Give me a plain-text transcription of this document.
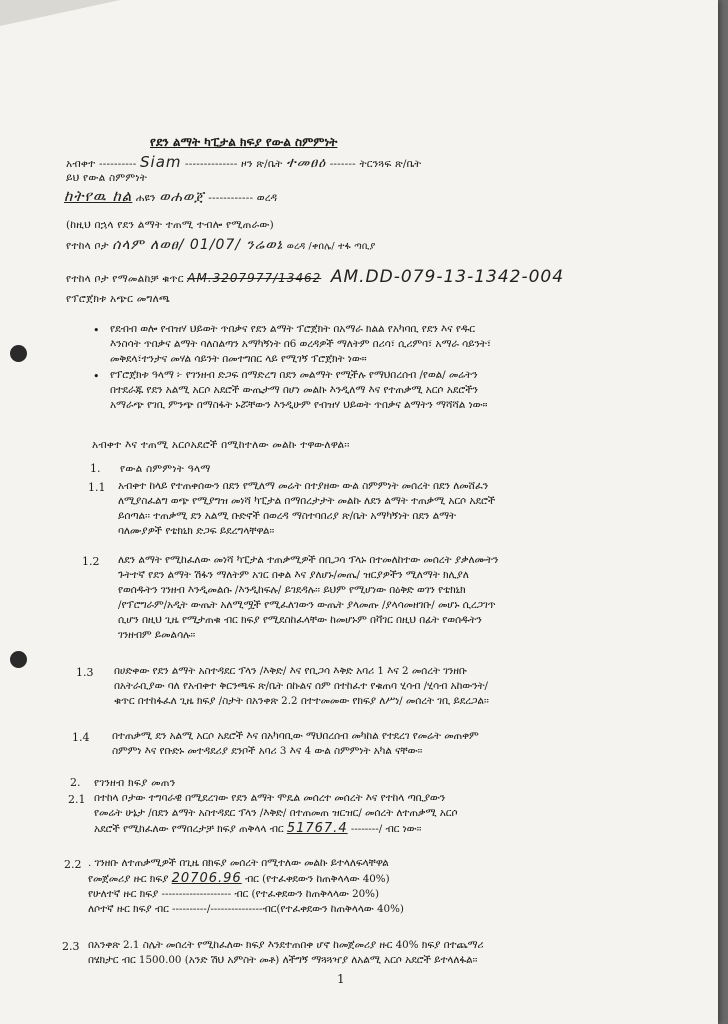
የደን ልማት ካፒታል ክፍያ የውል ስምምነት
አብቀተ ---------- Siam -------------- ዞን ጽ/ቤት ተመፀዕ ------- ትርንጓፍ ጽ/ቤት
ይህ የውል ስምምነት
ከትየዉ ከል ሐዩን ወሐወጀ ------------ ወረዳ
(ከዚህ በኋላ የደን ልማት ተጠሚ ተብሎ የሚጠራው)
የተከላ ቦታ ሰላም ለወፀ/ 01/07/ ንሬወኔ ወረዳ /ቀበሌ/ ተፋ ጣቢያ
የተከላ ቦታ የማመልከቻ ቁጥር AM.3207977/13462 AM.DD-079-13-1342-004
የፕሮጀክቱ አጭር መግለጫ
• የደብብ ወሎ የብዝሃ ህይወት ጥበቃና የደን ልማት ፕሮጀክት በአማራ ክልል የአካባቢ የደን እና የዱር
እንስሳት ጥበቃና ልማት ባለስልጣን አማካኝነት በ6 ወረዳዎች ማለትም በሪሳ፣ ሲሪምባ፣ አማራ ሳይንት፣
መቅደላ፣ተንታና መሃል ሳይንት በመተግበር ላይ የሚገኝ ፕሮጀክት ነው።
• የፕሮጀክቱ ዓላማ ፦ የገንዘብ ድጋፍ በማድረግ በደን መልማት የሚችሉ የማህበረሰብ /የወል/ መሬትን
በተደራጁ የደን አልሚ አርሶ አደሮች ውጤታማ በሆነ መልኩ እንዲለማ እና የተጠቃሚ አርሶ አደሮችን
አማራጭ የገቢ ምንጭ በማስፋት ኑሯቸውን እንዲሁም የብዝሃ ህይወት ጥበቃና ልማትን ማሻሻል ነው።
አብቀተ እና ተጠሚ አርሶአደሮች በሚከተለው መልኩ ተዋውለዋል፡፡
1. የውል ስምምነት ዓላማ
1.1 አብቀተ ከላይ የተጠቀሰውን በደን የሚለማ መሬት በተያዘው ውል ስምምነት መሰረት በደን ለመሸፈን
ለሚያስፈልግ ወጭ የሚያግዝ መነሻ ካፒታል በማበረታታት መልኩ ለደን ልማት ተጠቃሚ አርሶ አደሮች
ይሰጣል፡፡ ተጠቃሚ ደን አልሚ ቡድኖች በወረዳ ማስተባበሪያ ጽ/ቤት አማካኝነት በደን ልማት
ባለሙያዎች የቴክኒክ ድጋፍ ይደረግላቸዋል፡፡
1.2 ለደን ልማት የሚከፈለው መነሻ ካፒታል ተጠቃሚዎች በቢጋሳ ፕላኑ በተመለከተው መሰረት ያቃለሙትን
ጉትተኛ የደን ልማት ሽፋን ማለትም አገር በቀል እና ያለሆኑ/መጤ/ ዝርያዎችን ሚለማት ክሊያለ
የወሰዱትን ገንዘብ እንዲመልሱ /እንዲከፍሉ/ ይገደዳሉ፡፡ ይህም የሚሆነው በዕቅድ ወገን የቴክኒክ
/የፕሮግራም/አዲት ውጤት አለሚሟች የሚፈለገውን ውጤት ያላመጡ /ያላሳመዘገቡ/ መሆኑ ሲረጋገጥ
ሲሆን በዚህ ጊዜ የሚታጠቁ ብር ክፍያ የሚደስከፈላቸው ከመሆኑም በቫገር በዚህ በፊት የወሰዱትን
ገንዘብም ይመልሳሉ፡፡
1.3 በሀድቀው የደን ልማት አስተዳደር ፕላን /እቅድ/ እና የቢጋሳ እቅድ አባሪ 1 እና 2 መሰረት ገንዘቡ
በአትራቢያው ባለ የአብቀተ ቅርንጫፍ ጽ/ቤት በኩልና ሰም በተከፈተ የቁጠባ ሂሳብ /ሂሳብ አከውንት/
ቁጥር በተከፋፈለ ጊዜ ክፍያ /ስታት በአንቀጽ 2.2 በተተመመው የክፍያ ለሥነ/ መሰረት ገቢ ይደረጋል፡፡
1.4 በተጠቃሚ ደን አልሚ አርሶ አደሮች እና በአካባቢው ማህበረሰብ መካከል የተደረገ የመሬት መጠቀም
ስምምነ እና የቡድኑ መተዳደሪያ ደንቦች አባሪ 3 እና 4 ውል ስምምነት አካል ናቸው፡፡
2. የገንዘብ ክፍያ መጠን
2.1 በተከላ ቦታው ተግባራዊ በሚደረገው የደን ልማት ሞዴል መሰረተ መሰረት እና የተከላ ጣቢያውን
የመሬት ሁኔታ /በደን ልማት አስተዳደር ፕላን /እቅድ/ በተጠመጠ ዝርዝር/ መሰረት ለተጠቃሚ አርሶ
አደሮች የሚከፈለው የማበረታቻ ክፍያ ጠቅላላ ብር 51767.4 --------/ ብር ነው፡፡
2.2 . ገንዘቡ ለተጠቃሚዎች በጊዜ በክፍያ መሰረት በሚተለው መልኩ ይተላለፍላቸዋል
የመጀመሪያ ዙር ክፍያ 20706.96 ብር (የተፈቀደውን ከጠቅላላው 40%)
የሁለተኛ ዙር ክፍያ -------------------- ብር (የተፈቀደውን ከጠቅላላው 20%)
ለሶተኛ ዙር ክፍያ ብር ----------/---------------ብር(የተፈቀደውን ከጠቅላላው 40%)
2.3 በአንቀጽ 2.1 ስሌት መሰረት የሚከፈለው ክፍያ እንደተጠበቀ ሆኖ ከመጀመሪያ ዙር 40% ክፍያ በተጨማሪ
በሄክታር ብር 1500.00 (አንድ ሽህ አምስት መቶ) ለችግኝ ማጓጓዣያ ለአልሚ አርሶ አደሮች ይተላለፋል፡፡
1
